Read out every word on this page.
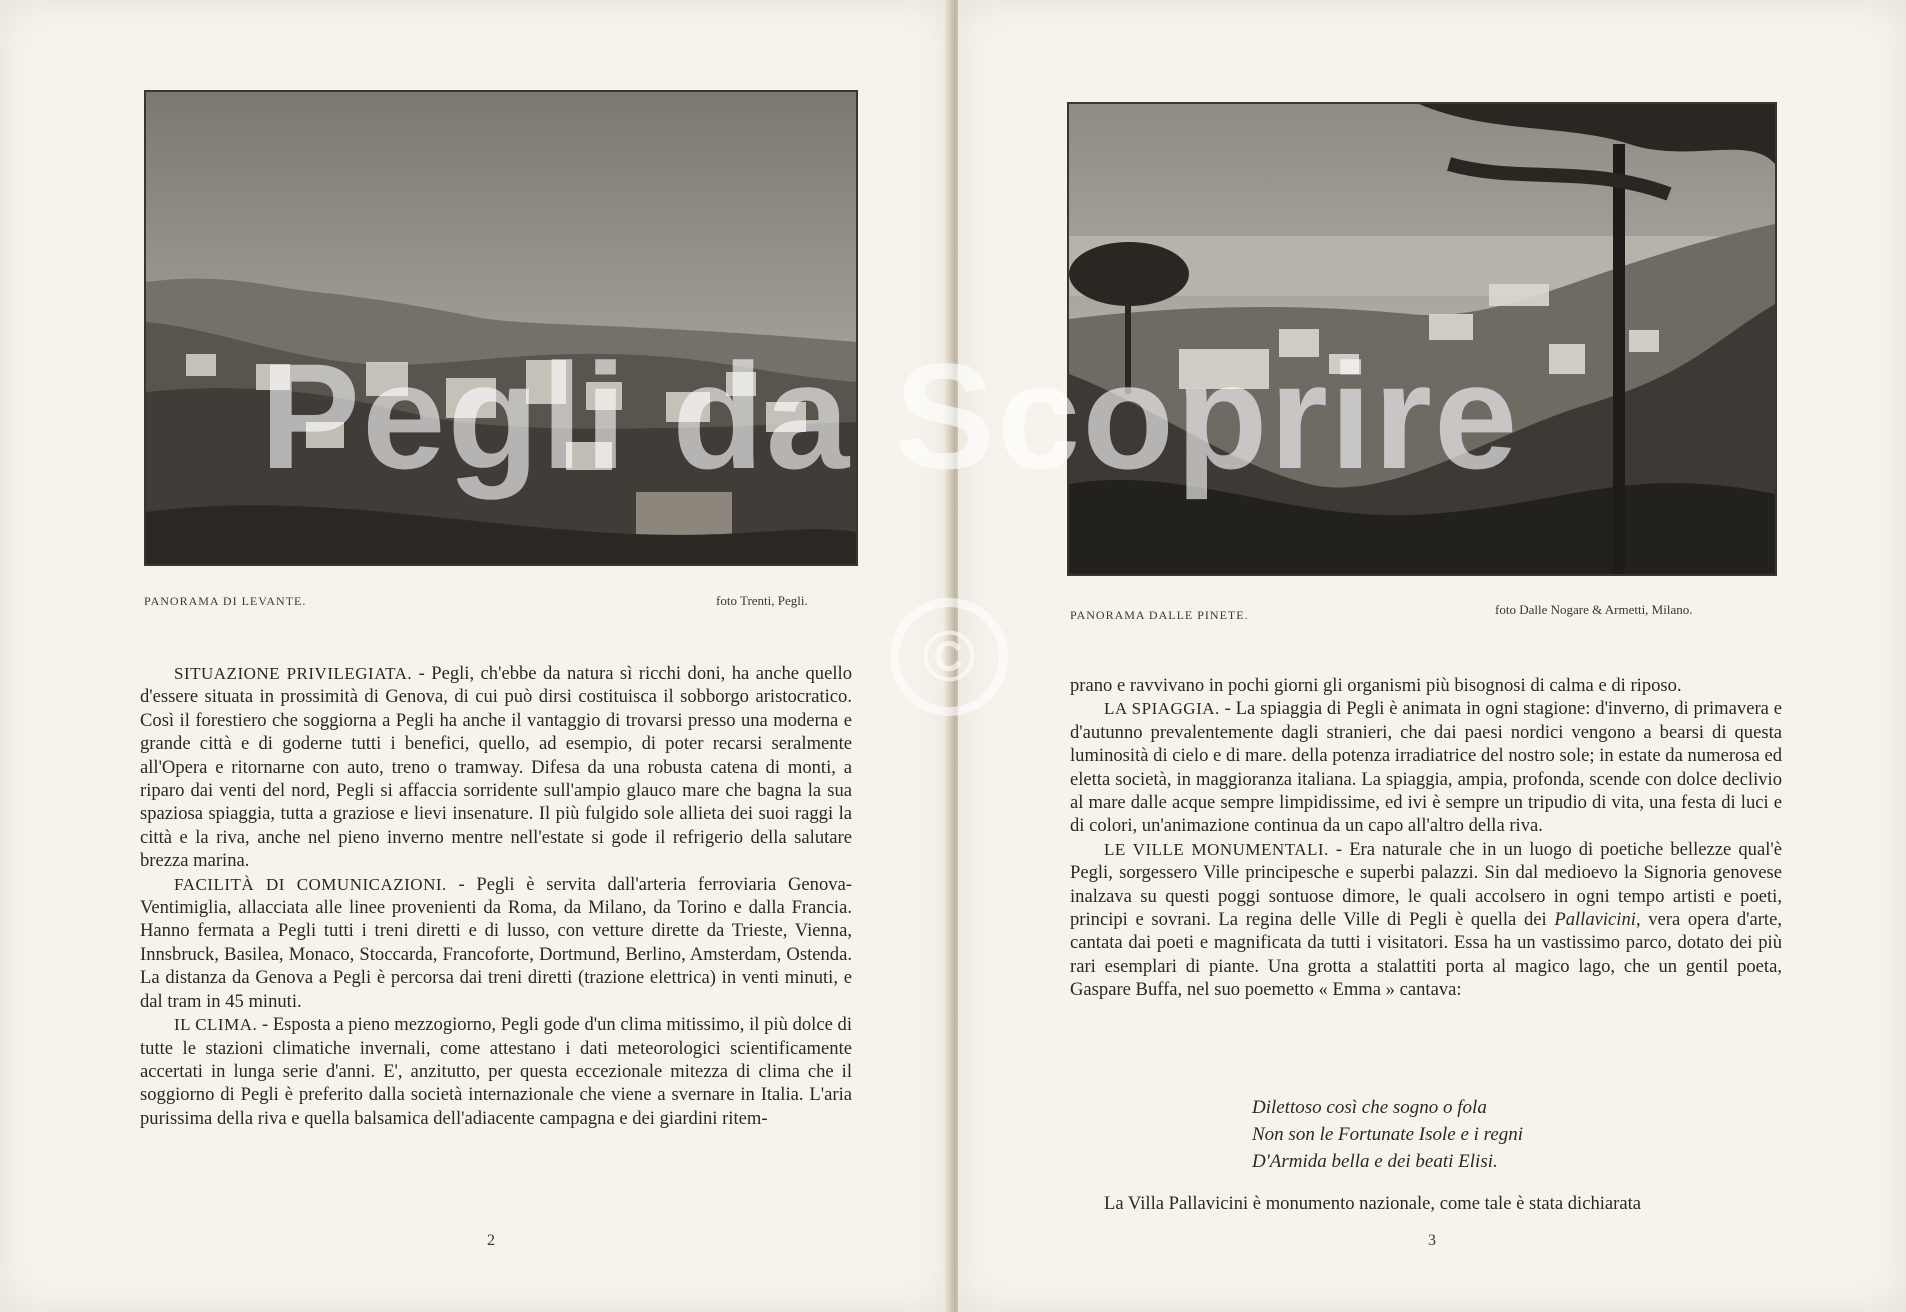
PANORAMA DI LEVANTE.	foto Trenti, Pegli.

SITUAZIONE PRIVILEGIATA. - Pegli, ch'ebbe da natura sì ricchi doni, ha anche quello d'essere situata in prossimità di Genova, di cui può dirsi costituisca il sobborgo aristocratico. Così il forestiero che soggiorna a Pegli ha anche il vantaggio di trovarsi presso una moderna e grande città e di goderne tutti i benefici, quello, ad esempio, di poter recarsi seralmente all'Opera e ritornarne con auto, treno o tramway. Difesa da una robusta catena di monti, a riparo dai venti del nord, Pegli si affaccia sorridente sull'ampio glauco mare che bagna la sua spaziosa spiaggia, tutta a graziose e lievi insenature. Il più fulgido sole allieta dei suoi raggi la città e la riva, anche nel pieno inverno mentre nell'estate si gode il refrigerio della salutare brezza marina.

FACILITÀ DI COMUNICAZIONI. - Pegli è servita dall'arteria ferroviaria Genova-Ventimiglia, allacciata alle linee provenienti da Roma, da Milano, da Torino e dalla Francia. Hanno fermata a Pegli tutti i treni diretti e di lusso, con vetture dirette da Trieste, Vienna, Innsbruck, Basilea, Monaco, Stoccarda, Francoforte, Dortmund, Berlino, Amsterdam, Ostenda. La distanza da Genova a Pegli è percorsa dai treni diretti (trazione elettrica) in venti minuti, e dal tram in 45 minuti.

IL CLIMA. - Esposta a pieno mezzogiorno, Pegli gode d'un clima mitissimo, il più dolce di tutte le stazioni climatiche invernali, come attestano i dati meteorologici scientificamente accertati in lunga serie d'anni. E', anzitutto, per questa eccezionale mitezza di clima che il soggiorno di Pegli è preferito dalla società internazionale che viene a svernare in Italia. L'aria purissima della riva e quella balsamica dell'adiacente campagna e dei giardini ritem-

2
PANORAMA DALLE PINETE.	foto Dalle Nogare & Armetti, Milano.

prano e ravvivano in pochi giorni gli organismi più bisognosi di calma e di riposo.

LA SPIAGGIA. - La spiaggia di Pegli è animata in ogni stagione: d'inverno, di primavera e d'autunno prevalentemente dagli stranieri, che dai paesi nordici vengono a bearsi di questa luminosità di cielo e di mare. della potenza irradiatrice del nostro sole; in estate da numerosa ed eletta società, in maggioranza italiana. La spiaggia, ampia, profonda, scende con dolce declivio al mare dalle acque sempre limpidissime, ed ivi è sempre un tripudio di vita, una festa di luci e di colori, un'animazione continua da un capo all'altro della riva.

LE VILLE MONUMENTALI. - Era naturale che in un luogo di poetiche bellezze qual'è Pegli, sorgessero Ville principesche e superbi palazzi. Sin dal medioevo la Signoria genovese inalzava su questi poggi sontuose dimore, le quali accolsero in ogni tempo artisti e poeti, principi e sovrani. La regina delle Ville di Pegli è quella dei Pallavicini, vera opera d'arte, cantata dai poeti e magnificata da tutti i visitatori. Essa ha un vastissimo parco, dotato dei più rari esemplari di piante. Una grotta a stalattiti porta al magico lago, che un gentil poeta, Gaspare Buffa, nel suo poemetto « Emma » cantava:

Dilettoso così che sogno o fola
Non son le Fortunate Isole e i regni
D'Armida bella e dei beati Elisi.

La Villa Pallavicini è monumento nazionale, come tale è stata dichiarata

3
Pegli da Scoprire
©
